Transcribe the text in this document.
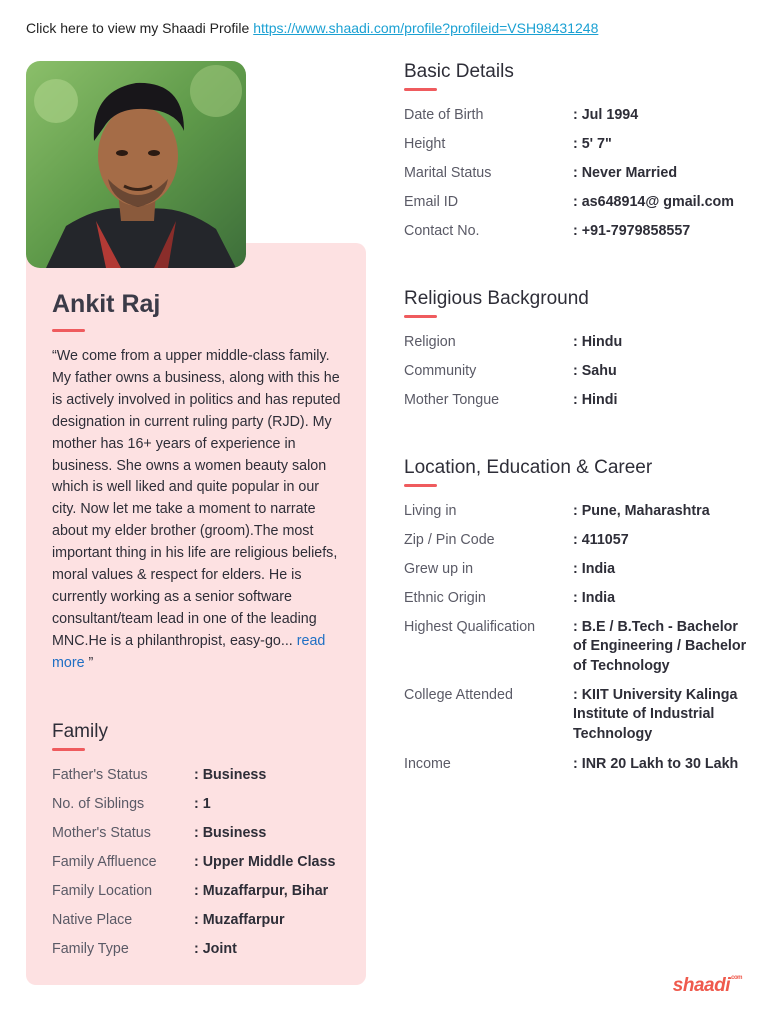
Click here to view my Shaadi Profile https://www.shaadi.com/profile?profileid=VSH98431248
Ankit Raj
“We come from a upper middle-class family. My father owns a business, along with this he is actively involved in politics and has reputed designation in current ruling party (RJD). My mother has 16+ years of experience in business. She owns a women beauty salon which is well liked and quite popular in our city. Now let me take a moment to narrate about my elder brother (groom).The most important thing in his life are religious beliefs, moral values & respect for elders. He is currently working as a senior software consultant/team lead in one of the leading MNC.He is a philanthropist, easy-go... read more ”
Family
Father's Status	: Business
No. of Siblings	: 1
Mother's Status	: Business
Family Affluence	: Upper Middle Class
Family Location	: Muzaffarpur, Bihar
Native Place	: Muzaffarpur
Family Type	: Joint
Basic Details
Date of Birth	: Jul 1994
Height	: 5' 7"
Marital Status	: Never Married
Email ID	: as648914@ gmail.com
Contact No.	: +91-7979858557
Religious Background
Religion	: Hindu
Community	: Sahu
Mother Tongue	: Hindi
Location, Education & Career
Living in	: Pune, Maharashtra
Zip / Pin Code	: 411057
Grew up in	: India
Ethnic Origin	: India
Highest Qualification	: B.E / B.Tech - Bachelor of Engineering / Bachelor of Technology
College Attended	: KIIT University Kalinga Institute of Industrial Technology
Income	: INR 20 Lakh to 30 Lakh
shaadi$^{.com}$
